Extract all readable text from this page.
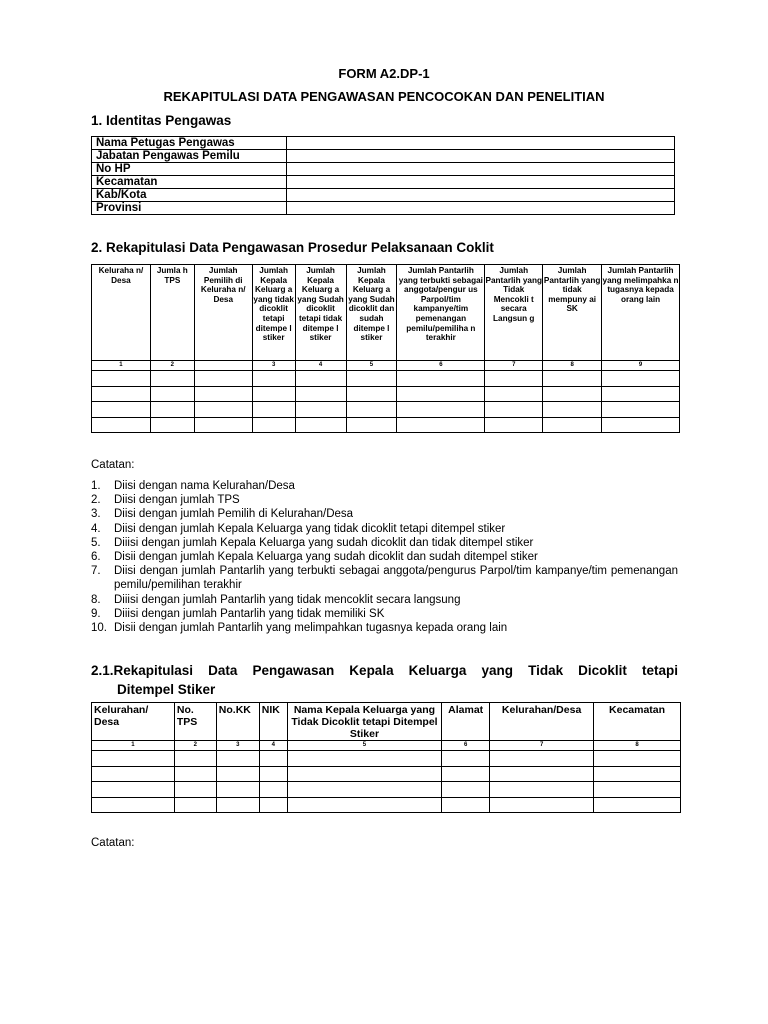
FORM A2.DP-1
REKAPITULASI DATA PENGAWASAN PENCOCOKAN DAN PENELITIAN
1. Identitas Pengawas
Nama Petugas Pengawas	
Jabatan Pengawas Pemilu	
No HP	
Kecamatan	
Kab/Kota	
Provinsi	
2. Rekapitulasi Data Pengawasan Prosedur Pelaksanaan Coklit
Keluraha n/ Desa	Jumla h TPS	Jumlah Pemilih di Keluraha n/ Desa	Jumlah Kepala Keluarg a yang tidak dicoklit tetapi ditempe l stiker	Jumlah Kepala Keluarg a yang Sudah dicoklit tetapi tidak ditempe l stiker	Jumlah Kepala Keluarg a yang Sudah dicoklit dan sudah ditempe l stiker	Jumlah Pantarlih yang terbukti sebagai anggota/pengur us Parpol/tim kampanye/tim pemenangan pemilu/pemiliha n terakhir	Jumlah Pantarlih yang Tidak Mencokli t secara Langsun g	Jumlah Pantarlih yang tidak mempuny ai SK	Jumlah Pantarlih yang melimpahka n tugasnya kepada orang lain
1	2		3	4	5	6	7	8	9

Catatan:
1.	Diisi dengan nama Kelurahan/Desa
2.	Diisi dengan jumlah TPS
3.	Diisi dengan jumlah Pemilih di Kelurahan/Desa
4.	Diisi dengan jumlah Kepala Keluarga yang tidak dicoklit tetapi ditempel stiker
5.	Diiisi dengan jumlah Kepala Keluarga yang sudah dicoklit dan tidak ditempel stiker
6.	Disii dengan jumlah Kepala Keluarga yang sudah dicoklit dan sudah ditempel stiker
7.	Diisi dengan jumlah Pantarlih yang terbukti sebagai anggota/pengurus Parpol/tim kampanye/tim pemenangan pemilu/pemilihan terakhir
8.	Diiisi dengan jumlah Pantarlih yang tidak mencoklit secara langsung
9.	Diiisi dengan jumlah Pantarlih yang tidak memiliki SK
10. Disii dengan jumlah Pantarlih yang melimpahkan tugasnya kepada orang lain
2.1.Rekapitulasi Data Pengawasan Kepala Keluarga yang Tidak Dicoklit tetapi
Ditempel Stiker
Kelurahan/ Desa	No. TPS	No.KK	NIK	Nama Kepala Keluarga yang Tidak Dicoklit tetapi Ditempel Stiker	Alamat	Kelurahan/Desa	Kecamatan
1	2	3	4	5	6	7	8

Catatan:
